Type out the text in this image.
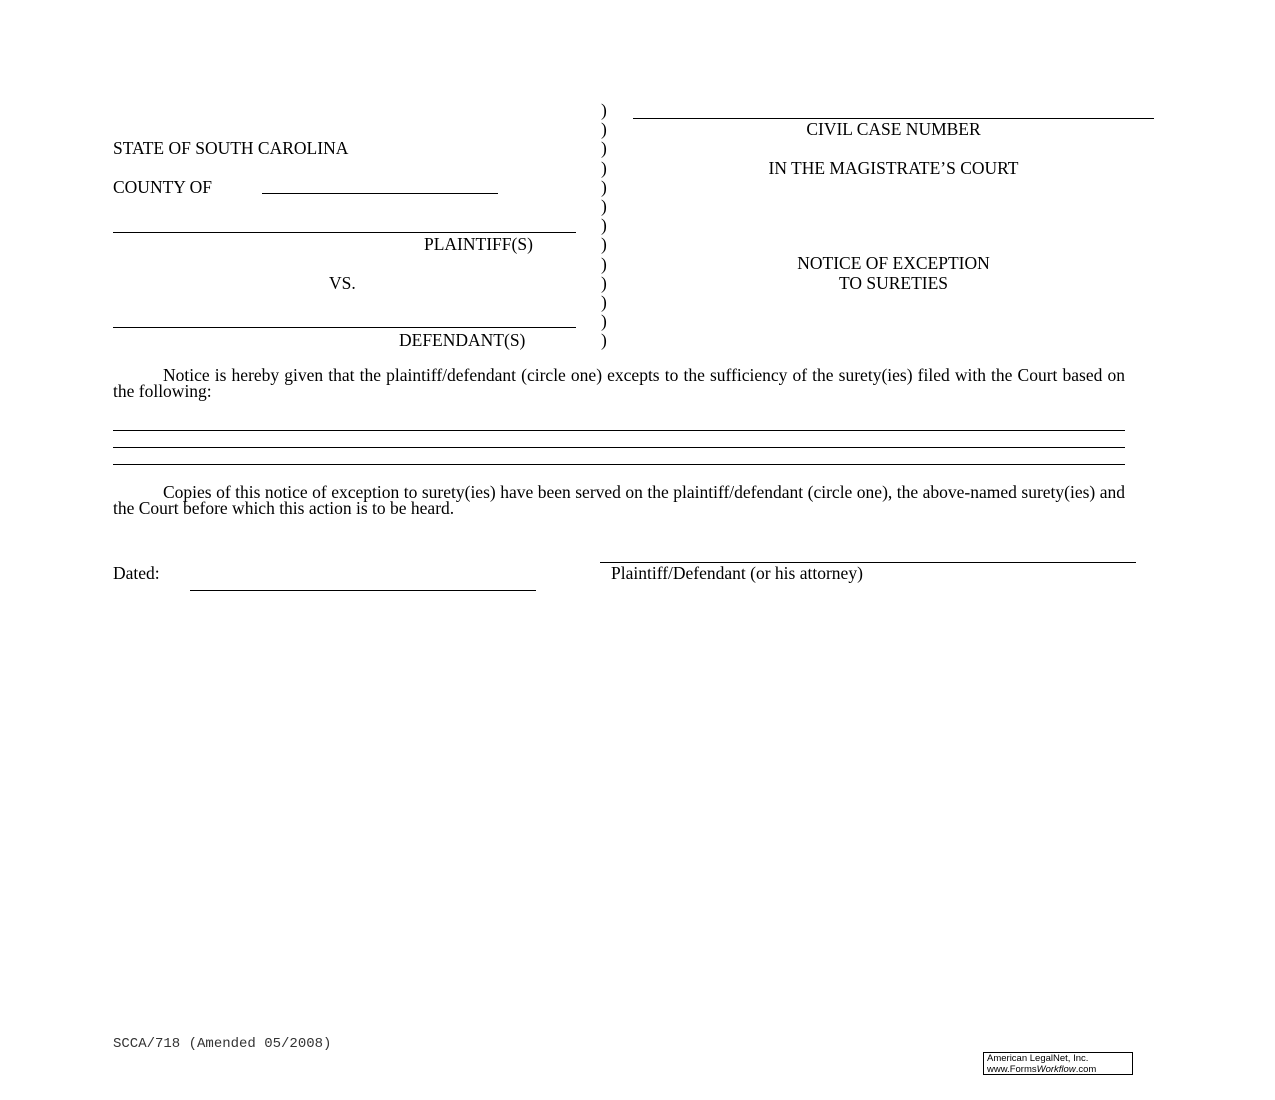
STATE OF SOUTH CAROLINA
COUNTY OF
PLAINTIFF(S)
VS.
DEFENDANT(S)
)
)
)
)
)
)
)
)
)
)
)
)
)
CIVIL CASE NUMBER
IN THE MAGISTRATE’S COURT
NOTICE OF EXCEPTION
TO SURETIES
Notice is hereby given that the plaintiff/defendant (circle one) excepts to the sufficiency of the surety(ies) filed with the Court based on the following:
Copies of this notice of exception to surety(ies) have been served on the plaintiff/defendant (circle one), the above-named surety(ies) and the Court before which this action is to be heard.
Dated:	Plaintiff/Defendant (or his attorney)
SCCA/718 (Amended 05/2008)
American LegalNet, Inc.
www.FormsWorkflow.com
